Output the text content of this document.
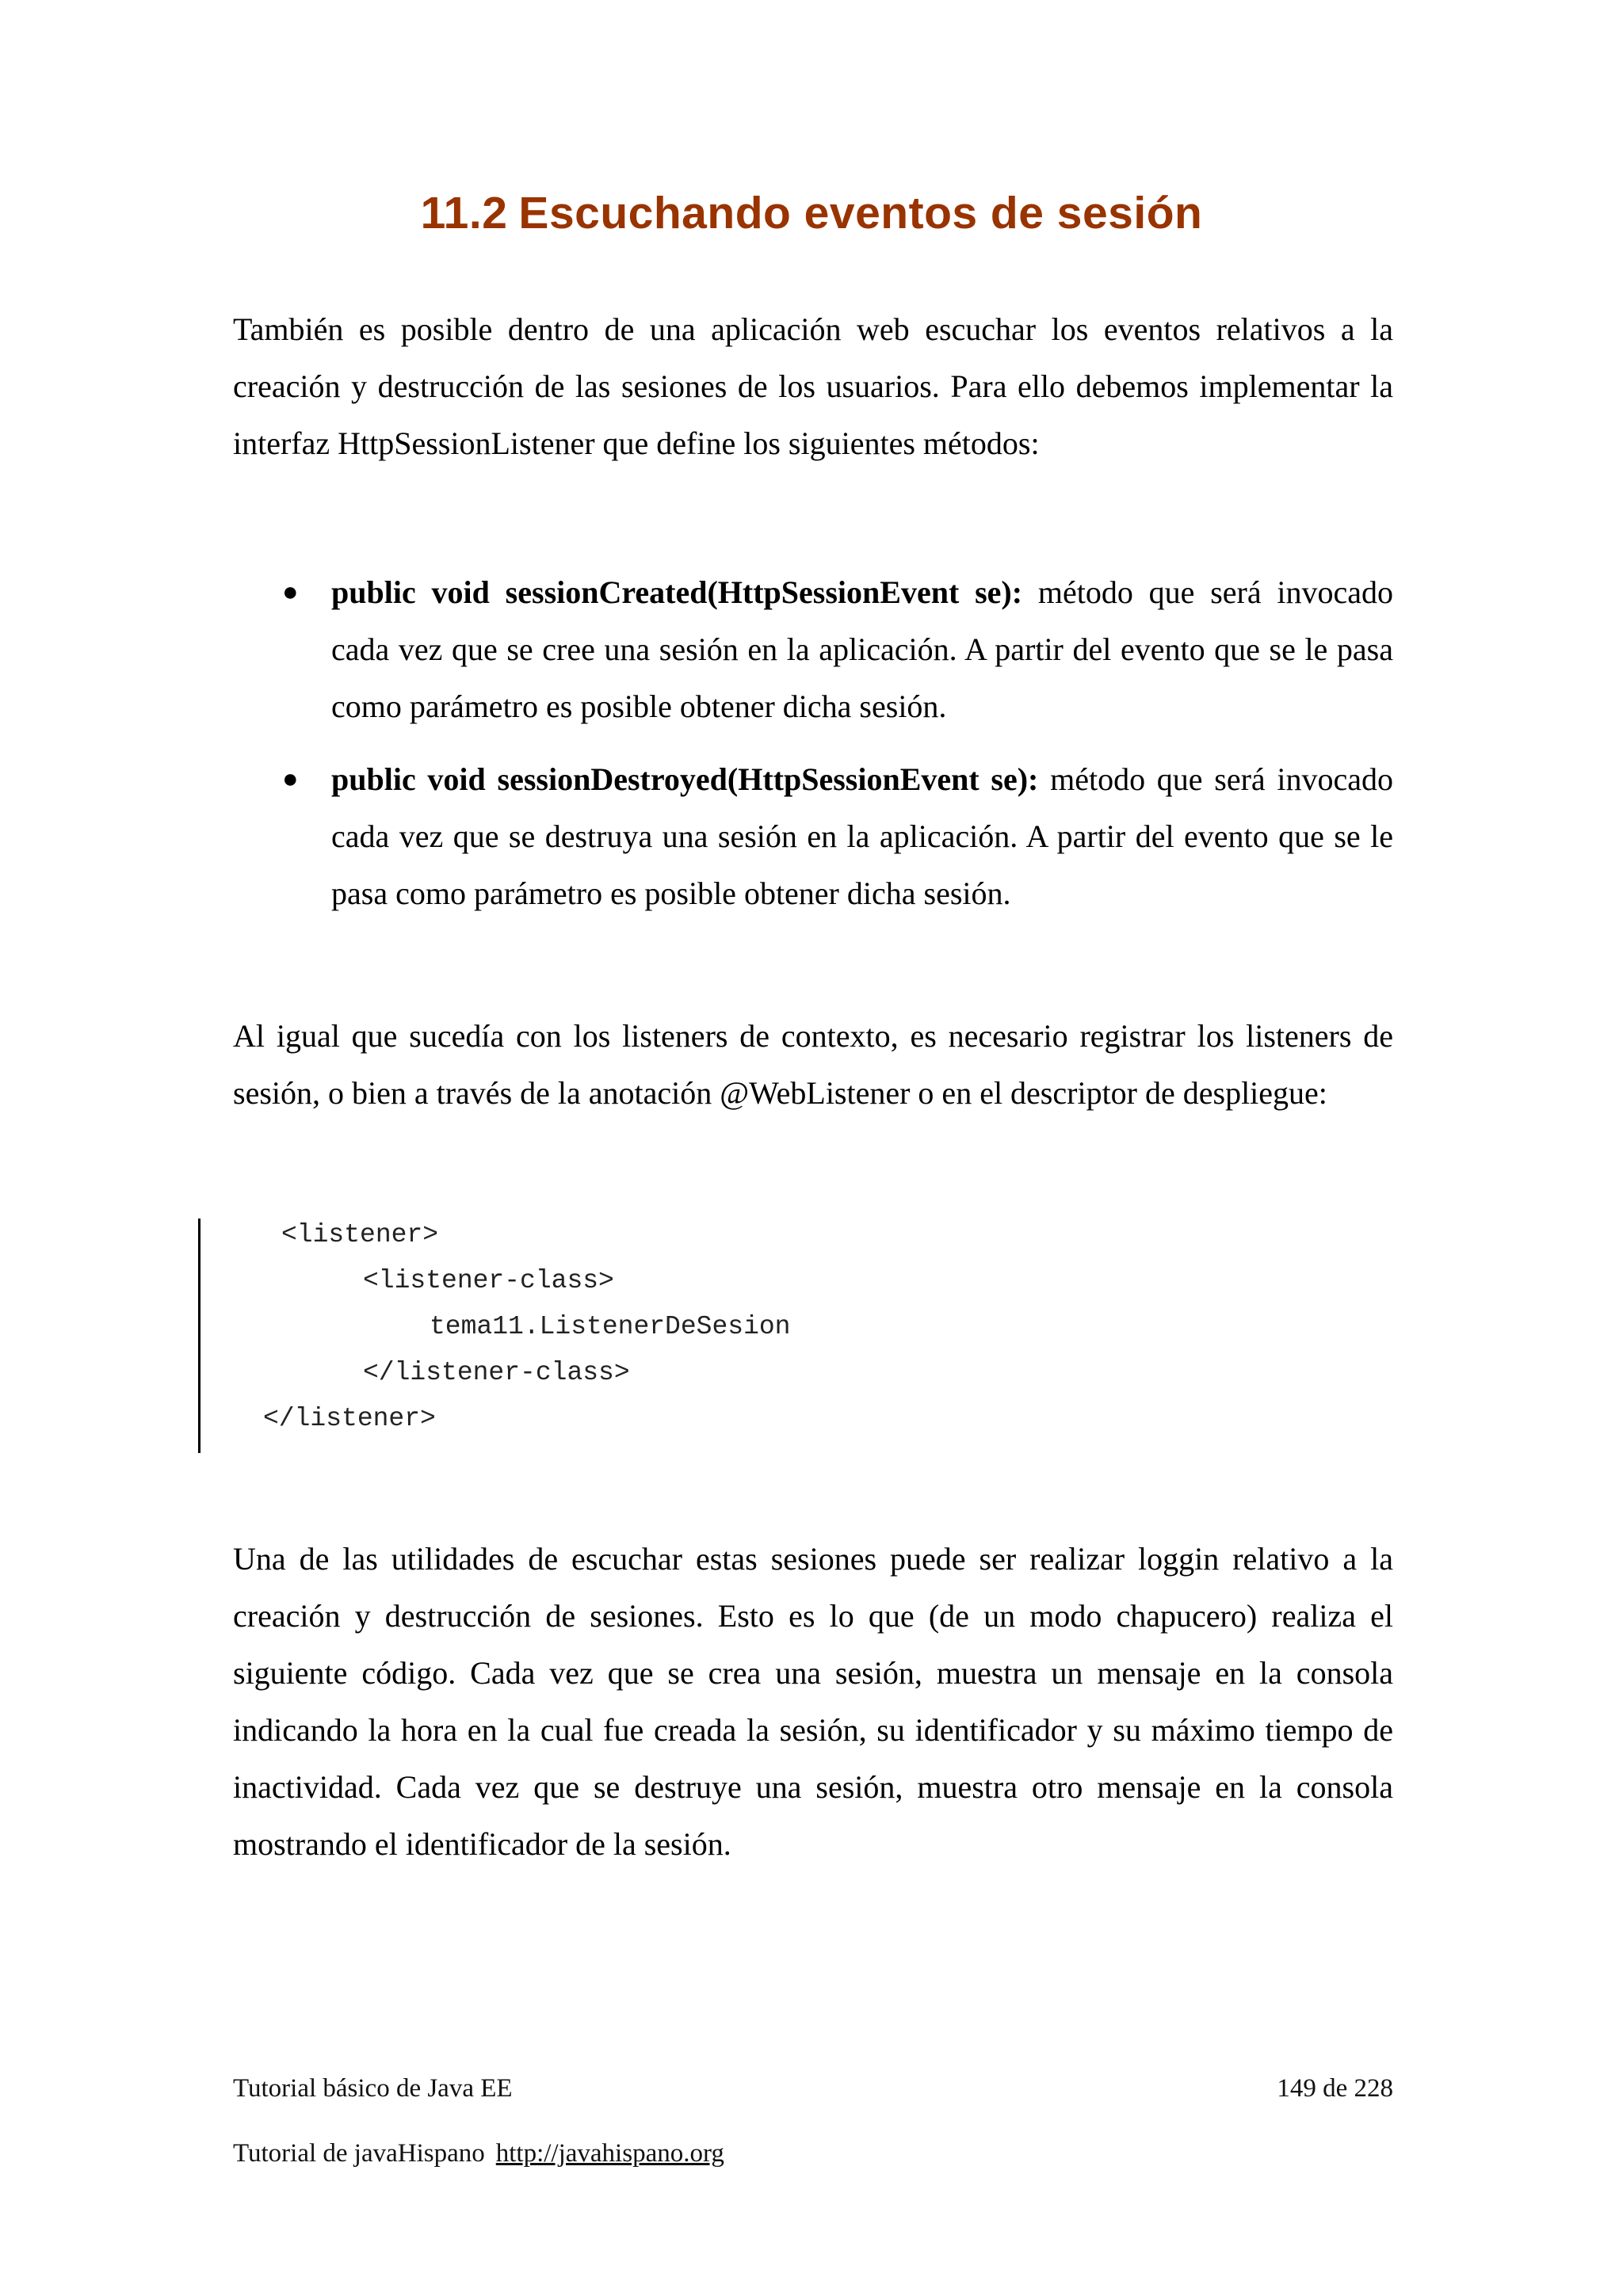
11.2 Escuchando eventos de sesión

También es posible dentro de una aplicación web escuchar los eventos relativos a la creación y destrucción de las sesiones de los usuarios. Para ello debemos implementar la interfaz HttpSessionListener que define los siguientes métodos:

● public void sessionCreated(HttpSessionEvent se): método que será invocado cada vez que se cree una sesión en la aplicación. A partir del evento que se le pasa como parámetro es posible obtener dicha sesión.
● public void sessionDestroyed(HttpSessionEvent se): método que será invocado cada vez que se destruya una sesión en la aplicación. A partir del evento que se le pasa como parámetro es posible obtener dicha sesión.

Al igual que sucedía con los listeners de contexto, es necesario registrar los listeners de sesión, o bien a través de la anotación @WebListener o en el descriptor de despliegue:

<listener>
<listener-class>
tema11.ListenerDeSesion
</listener-class>
</listener>

Una de las utilidades de escuchar estas sesiones puede ser realizar loggin relativo a la creación y destrucción de sesiones. Esto es lo que (de un modo chapucero) realiza el siguiente código. Cada vez que se crea una sesión, muestra un mensaje en la consola indicando la hora en la cual fue creada la sesión, su identificador y su máximo tiempo de inactividad. Cada vez que se destruye una sesión, muestra otro mensaje en la consola mostrando el identificador de la sesión.

Tutorial básico de Java EE	149 de 228
Tutorial de javaHispano http://javahispano.org
